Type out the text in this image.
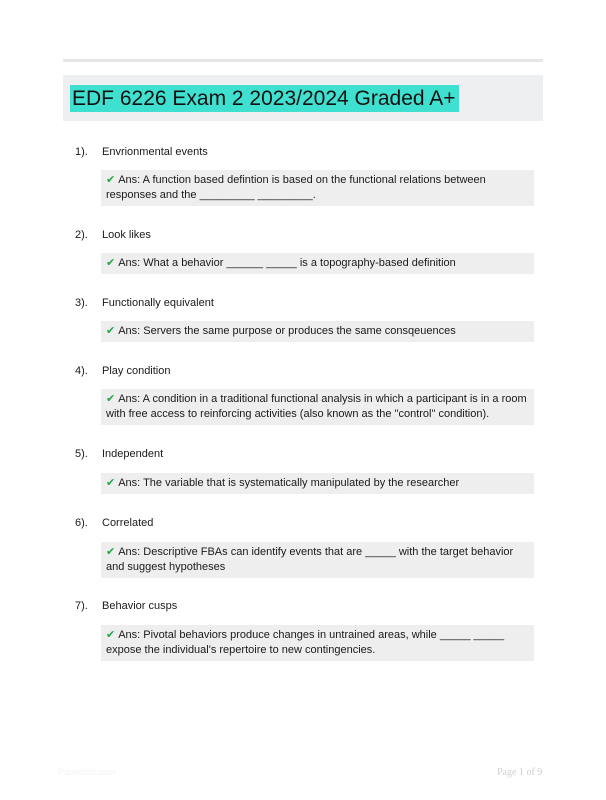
EDF 6226 Exam 2 2023/2024 Graded A+
1). Envrionmental events
✔ Ans: A function based defintion is based on the functional relations between responses and the _________ _________.
2). Look likes
✔ Ans: What a behavior ______ _____ is a topography-based definition
3). Functionally equivalent
✔ Ans: Servers the same purpose or produces the same consqeuences
4). Play condition
✔ Ans: A condition in a traditional functional analysis in which a participant is in a room with free access to reinforcing activities (also known as the "control" condition).
5). Independent
✔ Ans: The variable that is systematically manipulated by the researcher
6). Correlated
✔ Ans: Descriptive FBAs can identify events that are _____ with the target behavior and suggest hypotheses
7). Behavior cusps
✔ Ans: Pivotal behaviors produce changes in untrained areas, while _____ _____ expose the individual's repertoire to new contingencies.
Paperbibi.com	Page 1 of 9
